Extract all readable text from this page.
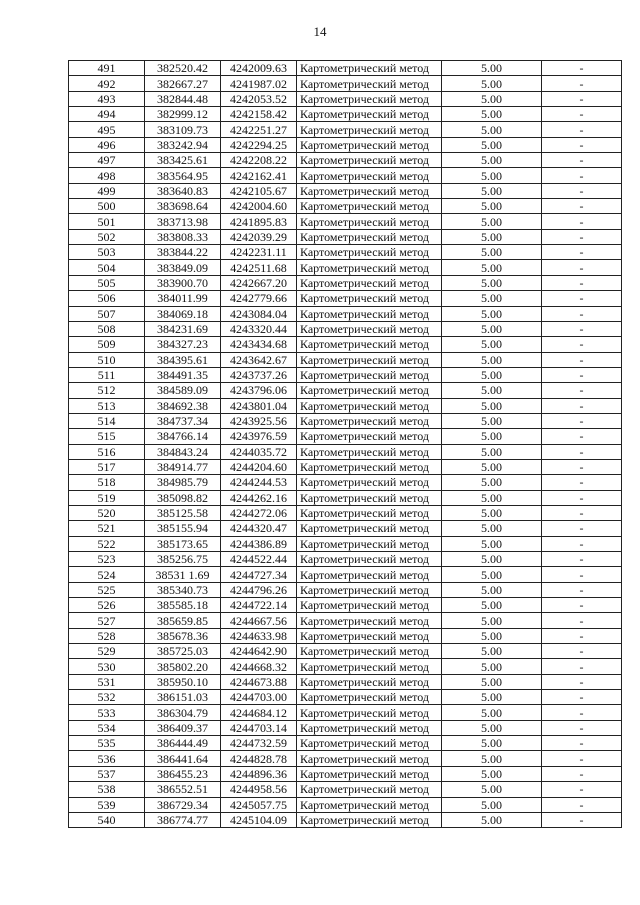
14
491	382520.42	4242009.63	Картометрический метод	5.00	-
492	382667.27	4241987.02	Картометрический метод	5.00	-
493	382844.48	4242053.52	Картометрический метод	5.00	-
494	382999.12	4242158.42	Картометрический метод	5.00	-
495	383109.73	4242251.27	Картометрический метод	5.00	-
496	383242.94	4242294.25	Картометрический метод	5.00	-
497	383425.61	4242208.22	Картометрический метод	5.00	-
498	383564.95	4242162.41	Картометрический метод	5.00	-
499	383640.83	4242105.67	Картометрический метод	5.00	-
500	383698.64	4242004.60	Картометрический метод	5.00	-
501	383713.98	4241895.83	Картометрический метод	5.00	-
502	383808.33	4242039.29	Картометрический метод	5.00	-
503	383844.22	4242231.11	Картометрический метод	5.00	-
504	383849.09	4242511.68	Картометрический метод	5.00	-
505	383900.70	4242667.20	Картометрический метод	5.00	-
506	384011.99	4242779.66	Картометрический метод	5.00	-
507	384069.18	4243084.04	Картометрический метод	5.00	-
508	384231.69	4243320.44	Картометрический метод	5.00	-
509	384327.23	4243434.68	Картометрический метод	5.00	-
510	384395.61	4243642.67	Картометрический метод	5.00	-
511	384491.35	4243737.26	Картометрический метод	5.00	-
512	384589.09	4243796.06	Картометрический метод	5.00	-
513	384692.38	4243801.04	Картометрический метод	5.00	-
514	384737.34	4243925.56	Картометрический метод	5.00	-
515	384766.14	4243976.59	Картометрический метод	5.00	-
516	384843.24	4244035.72	Картометрический метод	5.00	-
517	384914.77	4244204.60	Картометрический метод	5.00	-
518	384985.79	4244244.53	Картометрический метод	5.00	-
519	385098.82	4244262.16	Картометрический метод	5.00	-
520	385125.58	4244272.06	Картометрический метод	5.00	-
521	385155.94	4244320.47	Картометрический метод	5.00	-
522	385173.65	4244386.89	Картометрический метод	5.00	-
523	385256.75	4244522.44	Картометрический метод	5.00	-
524	38531 1.69	4244727.34	Картометрический метод	5.00	-
525	385340.73	4244796.26	Картометрический метод	5.00	-
526	385585.18	4244722.14	Картометрический метод	5.00	-
527	385659.85	4244667.56	Картометрический метод	5.00	-
528	385678.36	4244633.98	Картометрический метод	5.00	-
529	385725.03	4244642.90	Картометрический метод	5.00	-
530	385802.20	4244668.32	Картометрический метод	5.00	-
531	385950.10	4244673.88	Картометрический метод	5.00	-
532	386151.03	4244703.00	Картометрический метод	5.00	-
533	386304.79	4244684.12	Картометрический метод	5.00	-
534	386409.37	4244703.14	Картометрический метод	5.00	-
535	386444.49	4244732.59	Картометрический метод	5.00	-
536	386441.64	4244828.78	Картометрический метод	5.00	-
537	386455.23	4244896.36	Картометрический метод	5.00	-
538	386552.51	4244958.56	Картометрический метод	5.00	-
539	386729.34	4245057.75	Картометрический метод	5.00	-
540	386774.77	4245104.09	Картометрический метод	5.00	-
